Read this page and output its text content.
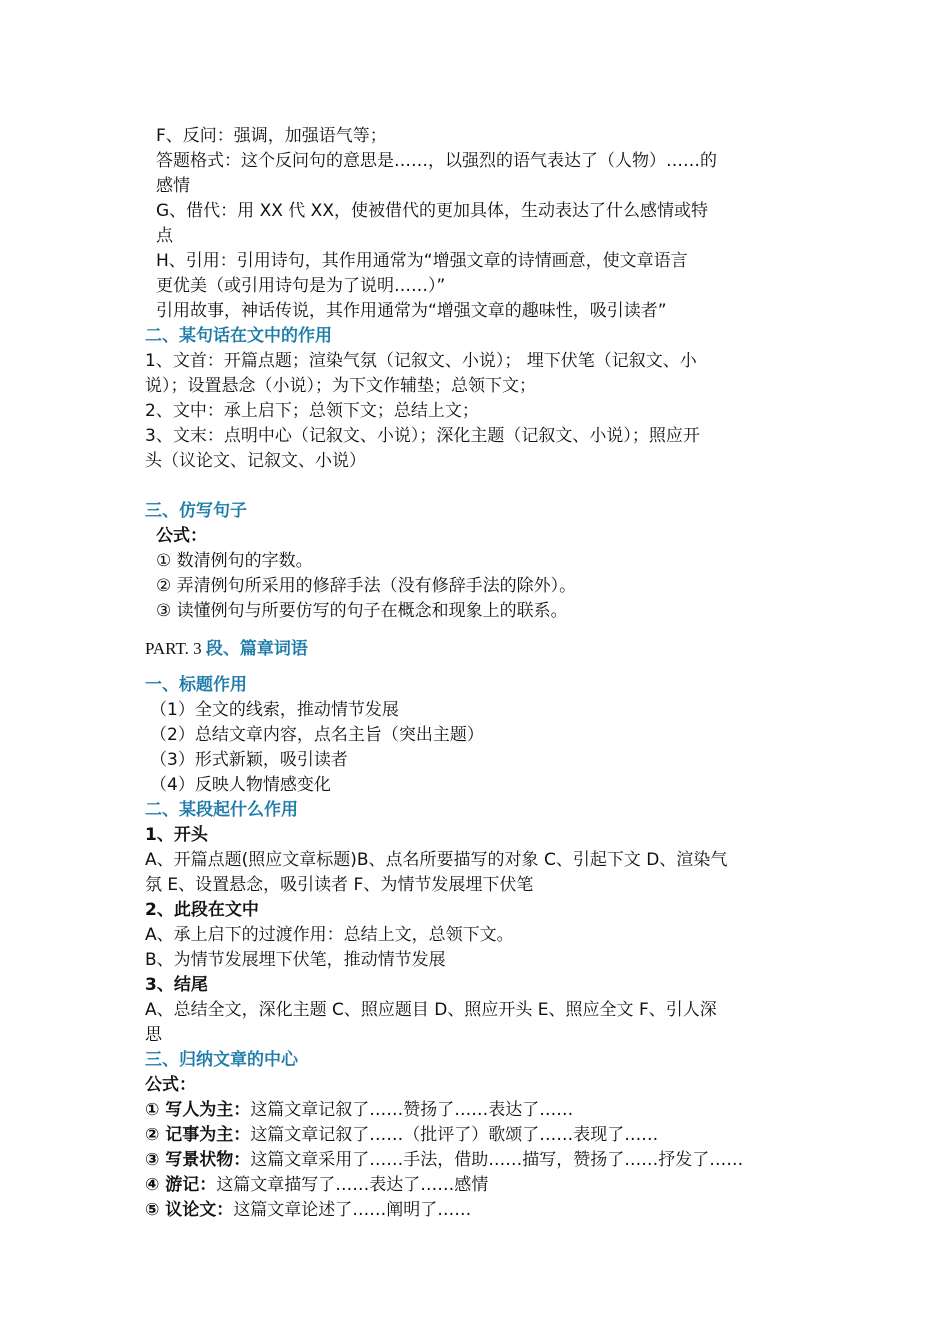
F、反问：强调，加强语气等；
答题格式：这个反问句的意思是……，以强烈的语气表达了（人物）……的
感情
G、借代：用 XX 代 XX，使被借代的更加具体，生动表达了什么感情或特
点
H、引用：引用诗句，其作用通常为“增强文章的诗情画意，使文章语言
更优美（或引用诗句是为了说明……）”
引用故事，神话传说，其作用通常为“增强文章的趣味性，吸引读者”
二、某句话在文中的作用
1、文首：开篇点题；渲染气氛（记叙文、小说）； 埋下伏笔（记叙文、小
说）；设置悬念（小说）；为下文作辅垫；总领下文；
2、文中：承上启下；总领下文；总结上文；
3、文末：点明中心（记叙文、小说）；深化主题（记叙文、小说）；照应开
头（议论文、记叙文、小说）
三、仿写句子
公式：
① 数清例句的字数。
② 弄清例句所采用的修辞手法（没有修辞手法的除外）。
③ 读懂例句与所要仿写的句子在概念和现象上的联系。
PART. 3 段、篇章词语
一、标题作用
（1）全文的线索，推动情节发展
（2）总结文章内容，点名主旨（突出主题）
（3）形式新颖，吸引读者
（4）反映人物情感变化
二、某段起什么作用
1、开头
A、开篇点题(照应文章标题)B、点名所要描写的对象 C、引起下文 D、渲染气
氛 E、设置悬念，吸引读者 F、为情节发展埋下伏笔
2、此段在文中
A、承上启下的过渡作用：总结上文，总领下文。
B、为情节发展埋下伏笔，推动情节发展
3、结尾
A、总结全文，深化主题 C、照应题目 D、照应开头 E、照应全文 F、引人深
思
三、归纳文章的中心
公式：
① 写人为主：这篇文章记叙了……赞扬了……表达了……
② 记事为主：这篇文章记叙了……（批评了）歌颂了……表现了……
③ 写景状物：这篇文章采用了……手法，借助……描写，赞扬了……抒发了……
④ 游记：这篇文章描写了……表达了……感情
⑤ 议论文：这篇文章论述了……阐明了……
